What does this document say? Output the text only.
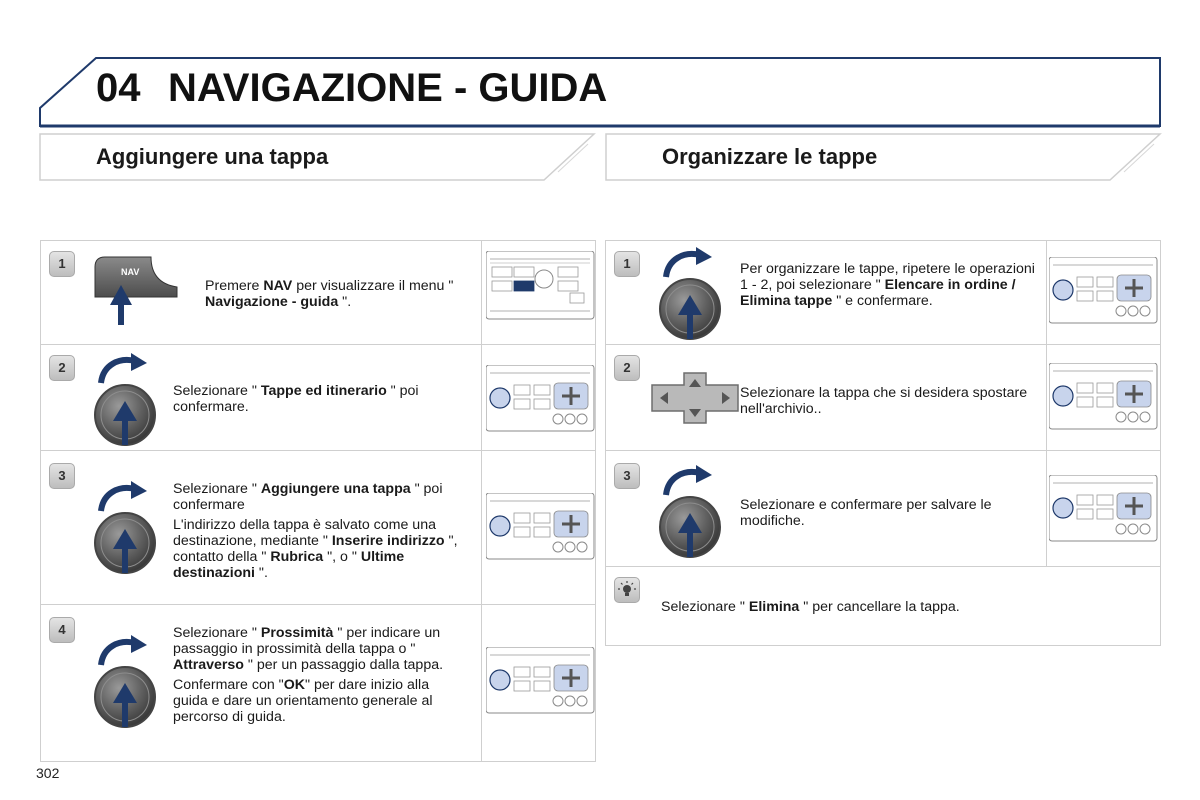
04 NAVIGAZIONE - GUIDA
Aggiungere una tappa	Organizzare le tappe
1
NAV

Premere NAV per visualizzare il menu " Navigazione - guida ".

2

Selezionare " Tappe ed itinerario " poi confermare.

3

Selezionare " Aggiungere una tappa " poi confermare

L'indirizzo della tappa è salvato come una destinazione, mediante " Inserire indirizzo ", contatto della " Rubrica ", o " Ultime destinazioni ".

4	Selezionare " Prossimità " per indicare un passaggio in prossimità della tappa o " Attraverso " per un passaggio dalla tappa.

Confermare con "OK" per dare inizio alla guida e dare un orientamento generale al percorso di guida.

1	Per organizzare le tappe, ripetere le operazioni 1 - 2, poi selezionare " Elencare in ordine / Elimina tappe " e confermare.

2

Selezionare la tappa che si desidera spostare nell'archivio..

3

Selezionare e confermare per salvare le modifiche.

Selezionare " Elimina " per cancellare la tappa.

302
